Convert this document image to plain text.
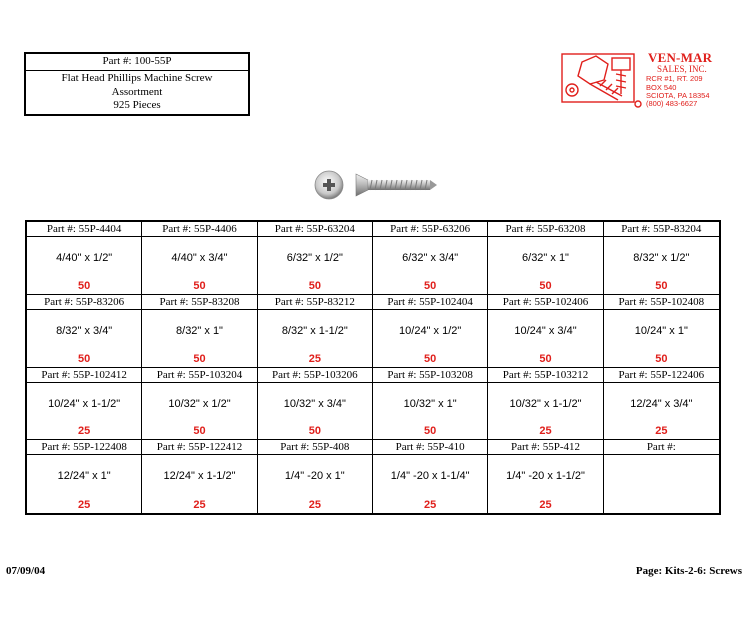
Part #: 100-55P
Flat Head Phillips Machine Screw
Assortment
925 Pieces
VEN-MAR
SALES, INC.
RCR #1, RT. 209
BOX 540
SCIOTA, PA 18354
(800) 483-6627
Part #: 55P-4404
4/40" x 1/2"
50
Part #: 55P-4406
4/40" x 3/4"
50
Part #: 55P-63204
6/32" x 1/2"
50
Part #: 55P-63206
6/32" x 3/4"
50
Part #: 55P-63208
6/32" x 1"
50
Part #: 55P-83204
8/32" x 1/2"
50
Part #: 55P-83206
8/32" x 3/4"
50
Part #: 55P-83208
8/32" x 1"
50
Part #: 55P-83212
8/32" x 1-1/2"
25
Part #: 55P-102404
10/24" x 1/2"
50
Part #: 55P-102406
10/24" x 3/4"
50
Part #: 55P-102408
10/24" x 1"
50
Part #: 55P-102412
10/24" x 1-1/2"
25
Part #: 55P-103204
10/32" x 1/2"
50
Part #: 55P-103206
10/32" x 3/4"
50
Part #: 55P-103208
10/32" x 1"
50
Part #: 55P-103212
10/32" x 1-1/2"
25
Part #: 55P-122406
12/24" x 3/4"
25
Part #: 55P-122408
12/24" x 1"
25
Part #: 55P-122412
12/24" x 1-1/2"
25
Part #: 55P-408
1/4" -20 x 1"
25
Part #: 55P-410
1/4" -20 x 1-1/4"
25
Part #: 55P-412
1/4" -20 x 1-1/2"
25
Part #:
07/09/04	Page: Kits-2-6: Screws
